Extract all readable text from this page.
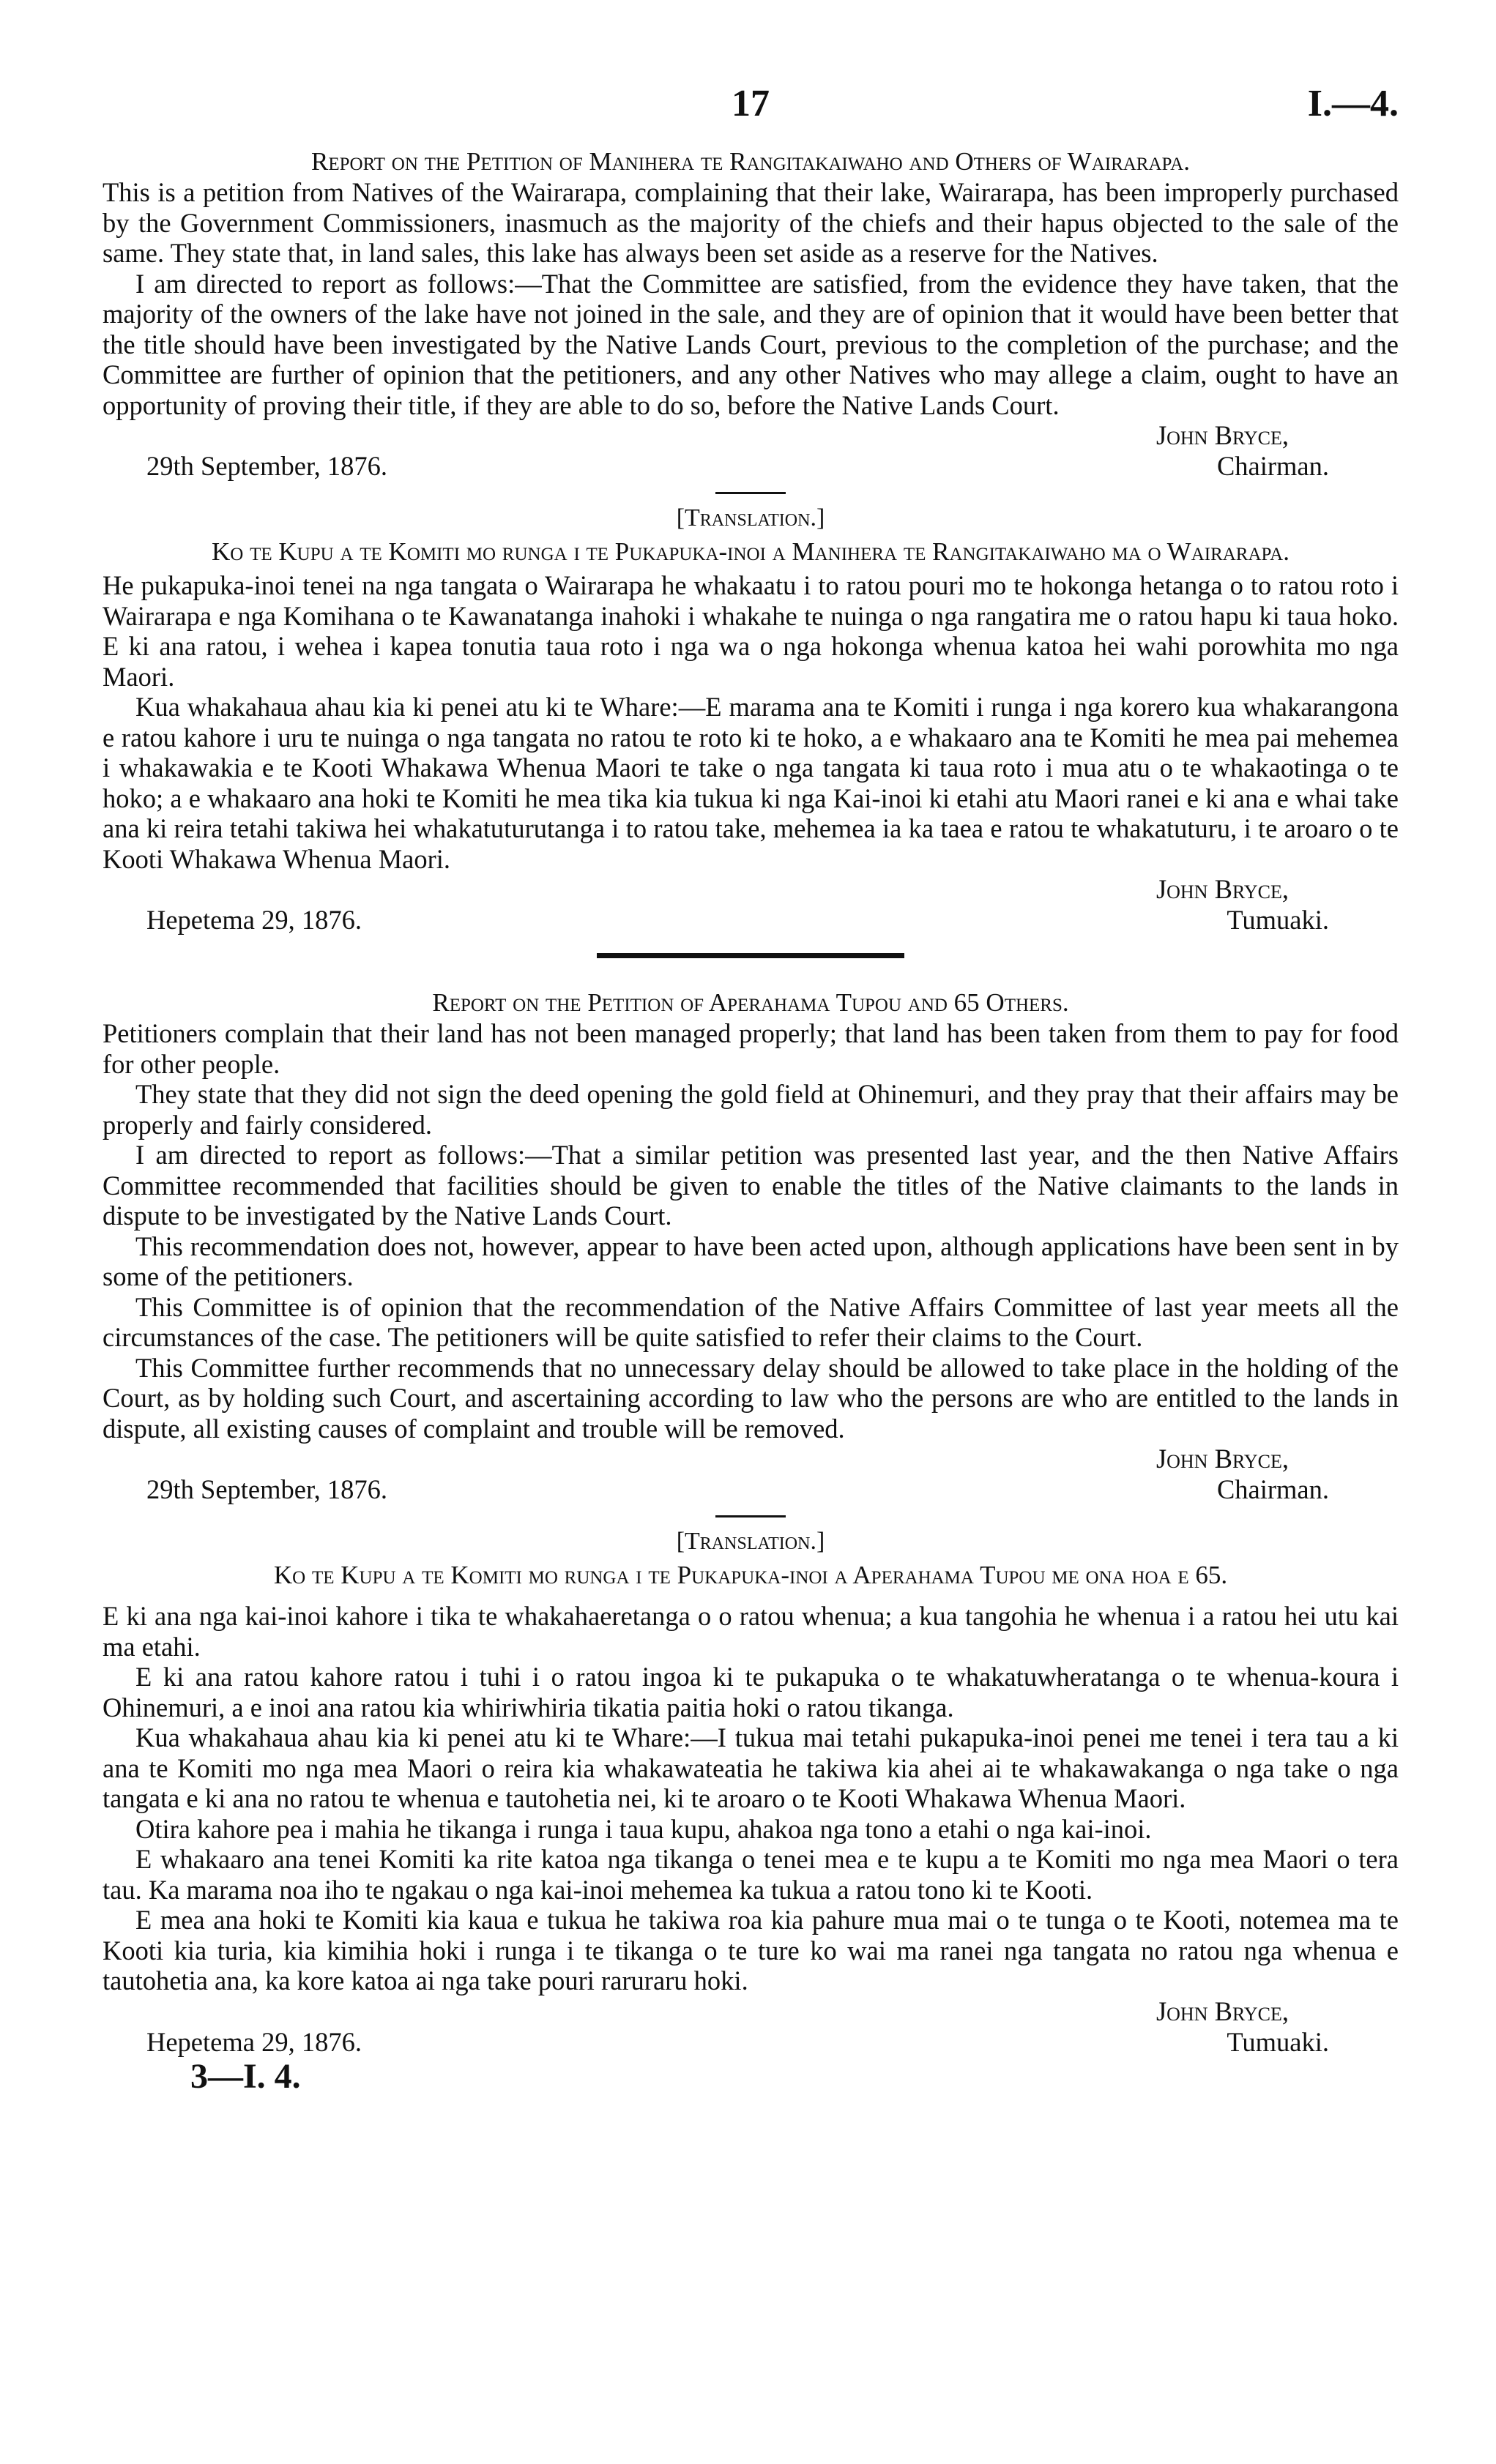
17	I.—4.
Report on the Petition of Manihera te Rangitakaiwaho and Others of Wairarapa.

This is a petition from Natives of the Wairarapa, complaining that their lake, Wairarapa, has been improperly purchased by the Government Commissioners, inasmuch as the majority of the chiefs and their hapus objected to the sale of the same. They state that, in land sales, this lake has always been set aside as a reserve for the Natives.

I am directed to report as follows:—That the Committee are satisfied, from the evidence they have taken, that the majority of the owners of the lake have not joined in the sale, and they are of opinion that it would have been better that the title should have been investigated by the Native Lands Court, previous to the completion of the purchase; and the Committee are further of opinion that the petitioners, and any other Natives who may allege a claim, ought to have an opportunity of proving their title, if they are able to do so, before the Native Lands Court.

John Bryce,
Chairman.
29th September, 1876.
[Translation.]
Ko te Kupu a te Komiti mo runga i te Pukapuka-inoi a Manihera te Rangitakaiwaho ma o Wairarapa.

He pukapuka-inoi tenei na nga tangata o Wairarapa he whakaatu i to ratou pouri mo te hokonga hetanga o to ratou roto i Wairarapa e nga Komihana o te Kawanatanga inahoki i whakahe te nuinga o nga rangatira me o ratou hapu ki taua hoko. E ki ana ratou, i wehea i kapea tonutia taua roto i nga wa o nga hokonga whenua katoa hei wahi porowhita mo nga Maori.

Kua whakahaua ahau kia ki penei atu ki te Whare:—E marama ana te Komiti i runga i nga korero kua whakarangona e ratou kahore i uru te nuinga o nga tangata no ratou te roto ki te hoko, a e whakaaro ana te Komiti he mea pai mehemea i whakawakia e te Kooti Whakawa Whenua Maori te take o nga tangata ki taua roto i mua atu o te whakaotinga o te hoko; a e whakaaro ana hoki te Komiti he mea tika kia tukua ki nga Kai-inoi ki etahi atu Maori ranei e ki ana e whai take ana ki reira tetahi takiwa hei whakatuturutanga i to ratou take, mehemea ia ka taea e ratou te whakatuturu, i te aroaro o te Kooti Whakawa Whenua Maori.

John Bryce,
Tumuaki.
Hepetema 29, 1876.
Report on the Petition of Aperahama Tupou and 65 Others.

Petitioners complain that their land has not been managed properly; that land has been taken from them to pay for food for other people.

They state that they did not sign the deed opening the gold field at Ohinemuri, and they pray that their affairs may be properly and fairly considered.

I am directed to report as follows:—That a similar petition was presented last year, and the then Native Affairs Committee recommended that facilities should be given to enable the titles of the Native claimants to the lands in dispute to be investigated by the Native Lands Court.

This recommendation does not, however, appear to have been acted upon, although applications have been sent in by some of the petitioners.

This Committee is of opinion that the recommendation of the Native Affairs Committee of last year meets all the circumstances of the case. The petitioners will be quite satisfied to refer their claims to the Court.

This Committee further recommends that no unnecessary delay should be allowed to take place in the holding of the Court, as by holding such Court, and ascertaining according to law who the persons are who are entitled to the lands in dispute, all existing causes of complaint and trouble will be removed.

John Bryce,
Chairman.
29th September, 1876.
[Translation.]
Ko te Kupu a te Komiti mo runga i te Pukapuka-inoi a Aperahama Tupou me ona hoa e 65.

E ki ana nga kai-inoi kahore i tika te whakahaeretanga o o ratou whenua; a kua tangohia he whenua i a ratou hei utu kai ma etahi.

E ki ana ratou kahore ratou i tuhi i o ratou ingoa ki te pukapuka o te whakatuwheratanga o te whenua-koura i Ohinemuri, a e inoi ana ratou kia whiriwhiria tikatia paitia hoki o ratou tikanga.

Kua whakahaua ahau kia ki penei atu ki te Whare:—I tukua mai tetahi pukapuka-inoi penei me tenei i tera tau a ki ana te Komiti mo nga mea Maori o reira kia whakawateatia he takiwa kia ahei ai te whakawakanga o nga take o nga tangata e ki ana no ratou te whenua e tautohetia nei, ki te aroaro o te Kooti Whakawa Whenua Maori.

Otira kahore pea i mahia he tikanga i runga i taua kupu, ahakoa nga tono a etahi o nga kai-inoi.

E whakaaro ana tenei Komiti ka rite katoa nga tikanga o tenei mea e te kupu a te Komiti mo nga mea Maori o tera tau. Ka marama noa iho te ngakau o nga kai-inoi mehemea ka tukua a ratou tono ki te Kooti.

E mea ana hoki te Komiti kia kaua e tukua he takiwa roa kia pahure mua mai o te tunga o te Kooti, notemea ma te Kooti kia turia, kia kimihia hoki i runga i te tikanga o te ture ko wai ma ranei nga tangata no ratou nga whenua e tautohetia ana, ka kore katoa ai nga take pouri raruraru hoki.

John Bryce,
Tumuaki.
Hepetema 29, 1876.
3—I. 4.
